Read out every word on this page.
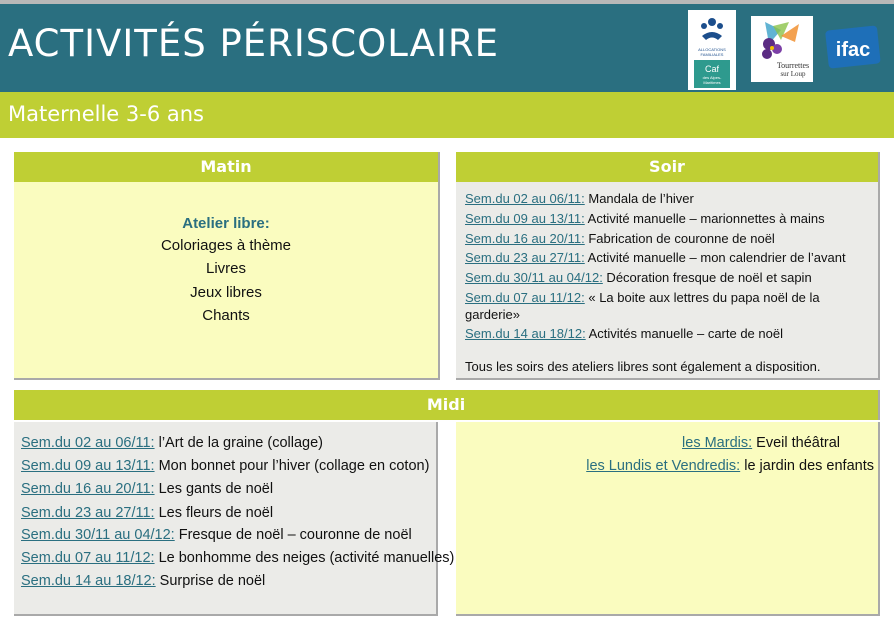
ACTIVITÉS PÉRISCOLAIRE	ALLOCATIONS
FAMILIALES
Caf
des Alpes-
Maritimes
Tourrettes
sur Loup
ifac
Maternelle 3-6 ans
Matin
Atelier libre:
Coloriages à thème
Livres
Jeux libres
Chants
Soir
Sem.du 02 au 06/11: Mandala de l’hiver
Sem.du 09 au 13/11: Activité manuelle – marionnettes à mains
Sem.du 16 au 20/11: Fabrication de couronne de noël
Sem.du 23 au 27/11: Activité manuelle – mon calendrier de l’avant
Sem.du 30/11 au 04/12: Décoration fresque de noël et sapin
Sem.du 07 au 11/12: « La boite aux lettres du papa noël de la
garderie»
Sem.du 14 au 18/12: Activités manuelle – carte de noël
Tous les soirs des ateliers libres sont également a disposition.
Midi
Sem.du 02 au 06/11: l’Art de la graine (collage)
Sem.du 09 au 13/11: Mon bonnet pour l’hiver (collage en coton)
Sem.du 16 au 20/11: Les gants de noël
Sem.du 23 au 27/11: Les fleurs de noël
Sem.du 30/11 au 04/12: Fresque de noël – couronne de noël
Sem.du 07 au 11/12: Le bonhomme des neiges (activité manuelles)
Sem.du 14 au 18/12: Surprise de noël
les Mardis: Eveil théâtral
les Lundis et Vendredis: le jardin des enfants
